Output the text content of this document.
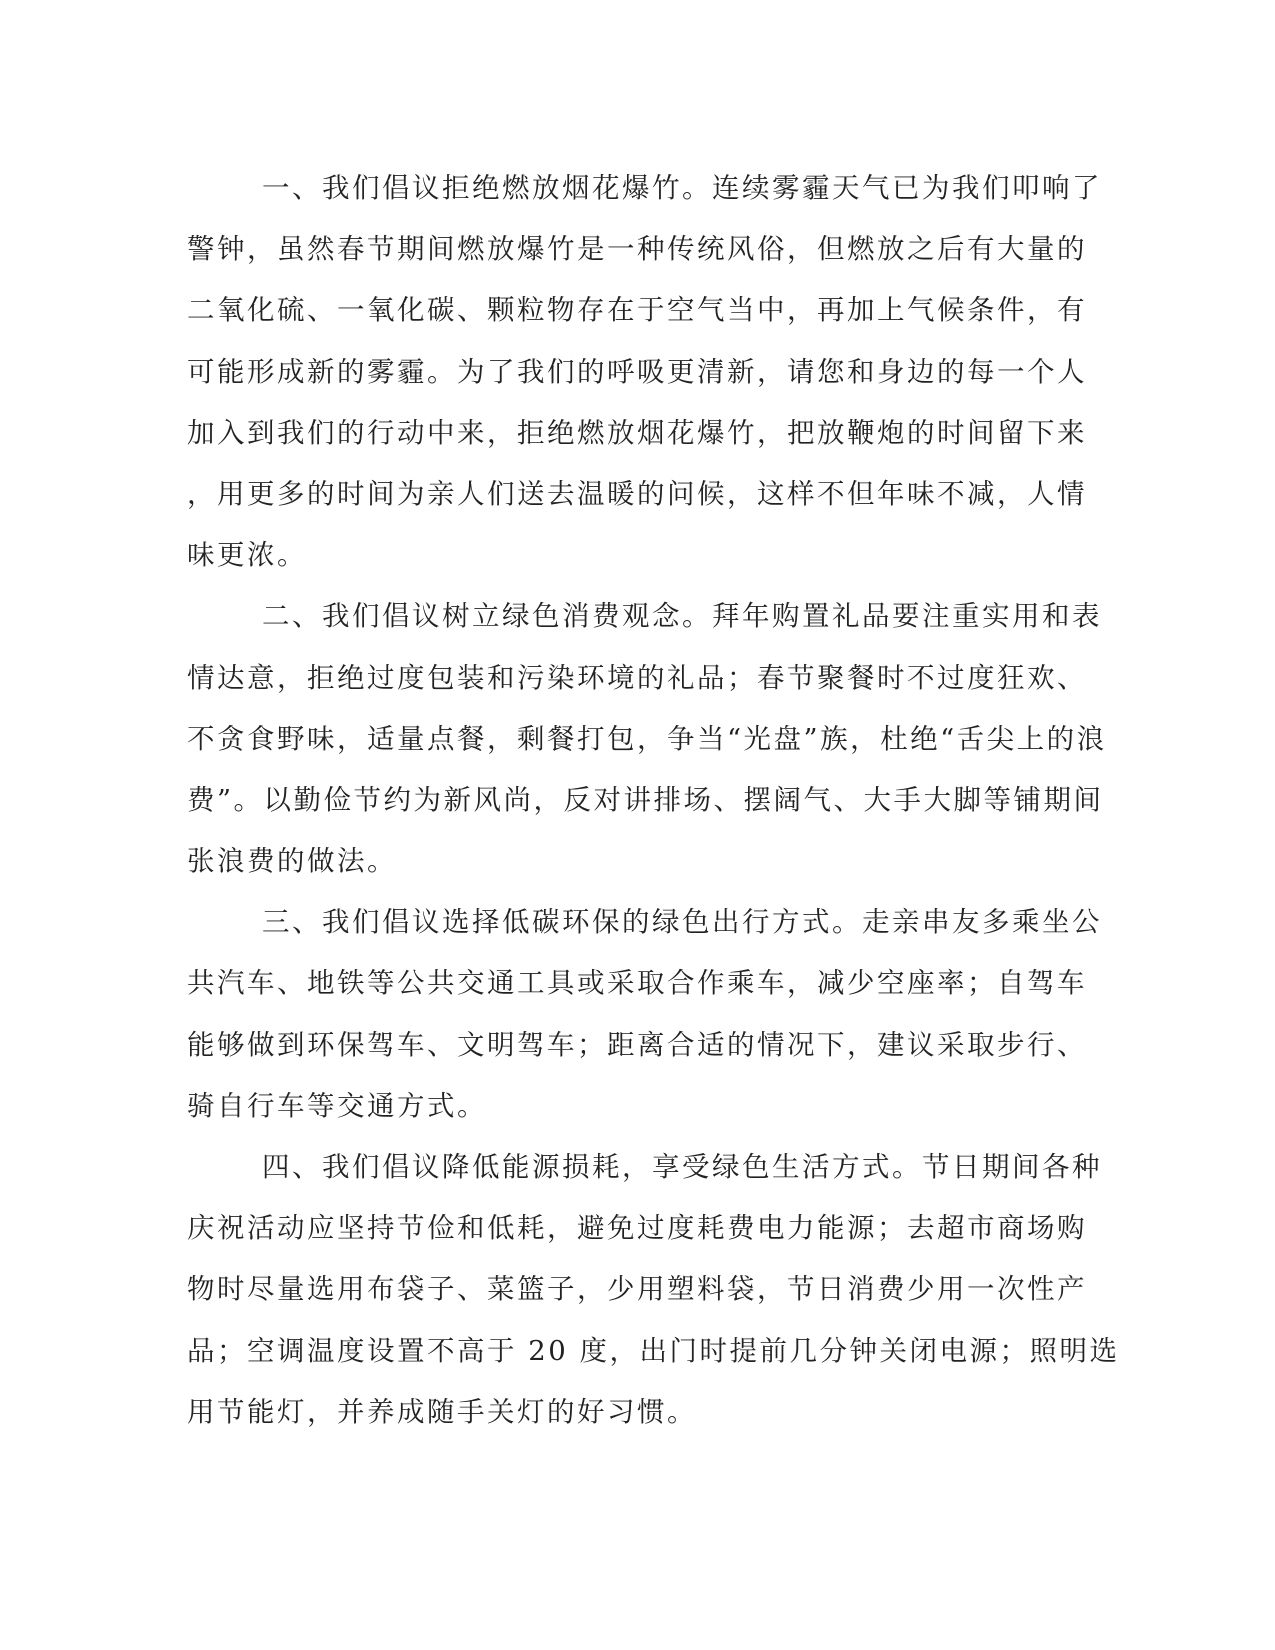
一、我们倡议拒绝燃放烟花爆竹。连续雾霾天气已为我们叩响了
警钟，虽然春节期间燃放爆竹是一种传统风俗，但燃放之后有大量的
二氧化硫、一氧化碳、颗粒物存在于空气当中，再加上气候条件，有
可能形成新的雾霾。为了我们的呼吸更清新，请您和身边的每一个人
加入到我们的行动中来，拒绝燃放烟花爆竹，把放鞭炮的时间留下来
，用更多的时间为亲人们送去温暖的问候，这样不但年味不减，人情
味更浓。
二、我们倡议树立绿色消费观念。拜年购置礼品要注重实用和表
情达意，拒绝过度包装和污染环境的礼品；春节聚餐时不过度狂欢、
不贪食野味，适量点餐，剩餐打包，争当“光盘”族，杜绝“舌尖上的浪
费”。以勤俭节约为新风尚，反对讲排场、摆阔气、大手大脚等铺期间
张浪费的做法。
三、我们倡议选择低碳环保的绿色出行方式。走亲串友多乘坐公
共汽车、地铁等公共交通工具或采取合作乘车，减少空座率；自驾车
能够做到环保驾车、文明驾车；距离合适的情况下，建议采取步行、
骑自行车等交通方式。
四、我们倡议降低能源损耗，享受绿色生活方式。节日期间各种
庆祝活动应坚持节俭和低耗，避免过度耗费电力能源；去超市商场购
物时尽量选用布袋子、菜篮子，少用塑料袋，节日消费少用一次性产
品；空调温度设置不高于 20 度，出门时提前几分钟关闭电源；照明选
用节能灯，并养成随手关灯的好习惯。
